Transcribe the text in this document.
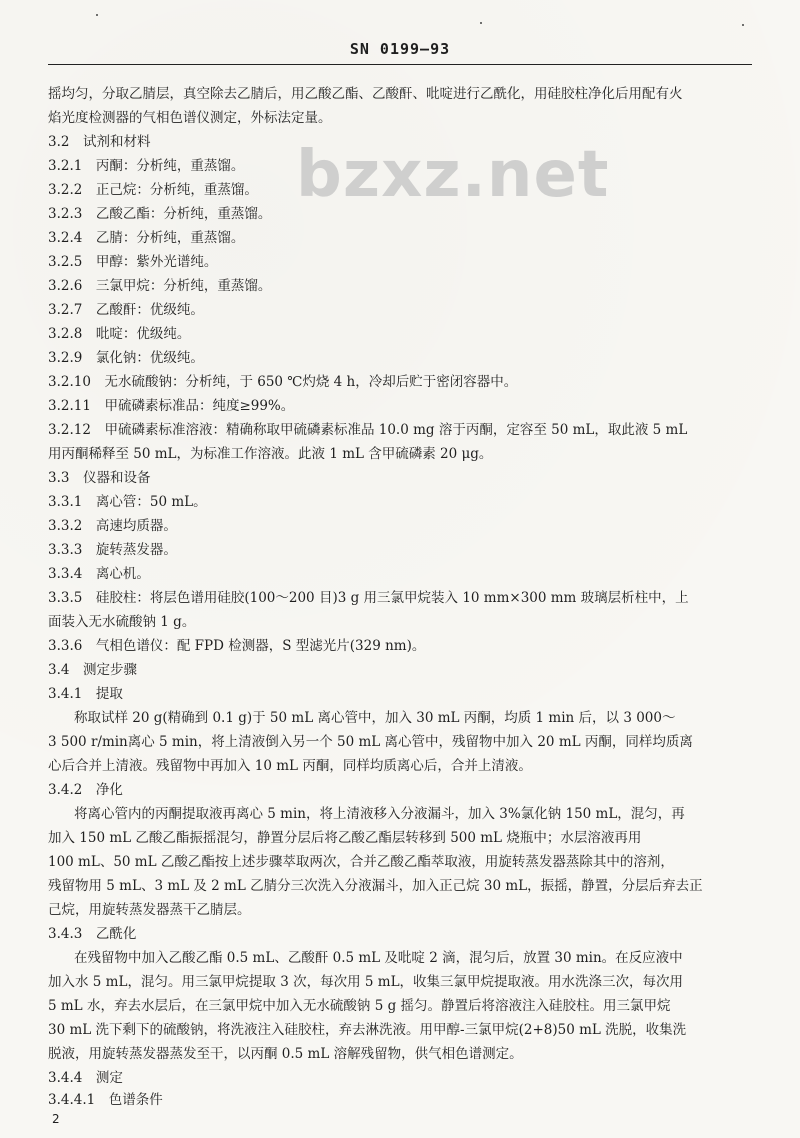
SN 0199—93
bzxz.net
摇均匀，分取乙腈层，真空除去乙腈后，用乙酸乙酯、乙酸酐、吡啶进行乙酰化，用硅胶柱净化后用配有火
焰光度检测器的气相色谱仪测定，外标法定量。
3.2　试剂和材料
3.2.1　丙酮：分析纯，重蒸馏。
3.2.2　正己烷：分析纯，重蒸馏。
3.2.3　乙酸乙酯：分析纯，重蒸馏。
3.2.4　乙腈：分析纯，重蒸馏。
3.2.5　甲醇：紫外光谱纯。
3.2.6　三氯甲烷：分析纯，重蒸馏。
3.2.7　乙酸酐：优级纯。
3.2.8　吡啶：优级纯。
3.2.9　氯化钠：优级纯。
3.2.10　无水硫酸钠：分析纯，于 650 ℃灼烧 4 h，冷却后贮于密闭容器中。
3.2.11　甲硫磷素标准品：纯度≥99%。
3.2.12　甲硫磷素标准溶液：精确称取甲硫磷素标准品 10.0 mg 溶于丙酮，定容至 50 mL，取此液 5 mL
用丙酮稀释至 50 mL，为标准工作溶液。此液 1 mL 含甲硫磷素 20 μg。
3.3　仪器和设备
3.3.1　离心管：50 mL。
3.3.2　高速均质器。
3.3.3　旋转蒸发器。
3.3.4　离心机。
3.3.5　硅胶柱：将层色谱用硅胶(100～200 目)3 g 用三氯甲烷装入 10 mm×300 mm 玻璃层析柱中，上
面装入无水硫酸钠 1 g。
3.3.6　气相色谱仪：配 FPD 检测器，S 型滤光片(329 nm)。
3.4　测定步骤
3.4.1　提取
称取试样 20 g(精确到 0.1 g)于 50 mL 离心管中，加入 30 mL 丙酮，均质 1 min 后，以 3 000～
3 500 r/min离心 5 min，将上清液倒入另一个 50 mL 离心管中，残留物中加入 20 mL 丙酮，同样均质离
心后合并上清液。残留物中再加入 10 mL 丙酮，同样均质离心后，合并上清液。
3.4.2　净化
将离心管内的丙酮提取液再离心 5 min，将上清液移入分液漏斗，加入 3%氯化钠 150 mL，混匀，再
加入 150 mL 乙酸乙酯振摇混匀，静置分层后将乙酸乙酯层转移到 500 mL 烧瓶中；水层溶液再用
100 mL、50 mL 乙酸乙酯按上述步骤萃取两次，合并乙酸乙酯萃取液，用旋转蒸发器蒸除其中的溶剂，
残留物用 5 mL、3 mL 及 2 mL 乙腈分三次洗入分液漏斗，加入正己烷 30 mL，振摇，静置，分层后弃去正
己烷，用旋转蒸发器蒸干乙腈层。
3.4.3　乙酰化
在残留物中加入乙酸乙酯 0.5 mL、乙酸酐 0.5 mL 及吡啶 2 滴，混匀后，放置 30 min。在反应液中
加入水 5 mL，混匀。用三氯甲烷提取 3 次，每次用 5 mL，收集三氯甲烷提取液。用水洗涤三次，每次用
5 mL 水，弃去水层后，在三氯甲烷中加入无水硫酸钠 5 g 摇匀。静置后将溶液注入硅胶柱。用三氯甲烷
30 mL 洗下剩下的硫酸钠，将洗液注入硅胶柱，弃去淋洗液。用甲醇-三氯甲烷(2+8)50 mL 洗脱，收集洗
脱液，用旋转蒸发器蒸发至干，以丙酮 0.5 mL 溶解残留物，供气相色谱测定。
3.4.4　测定
3.4.4.1　色谱条件
2
